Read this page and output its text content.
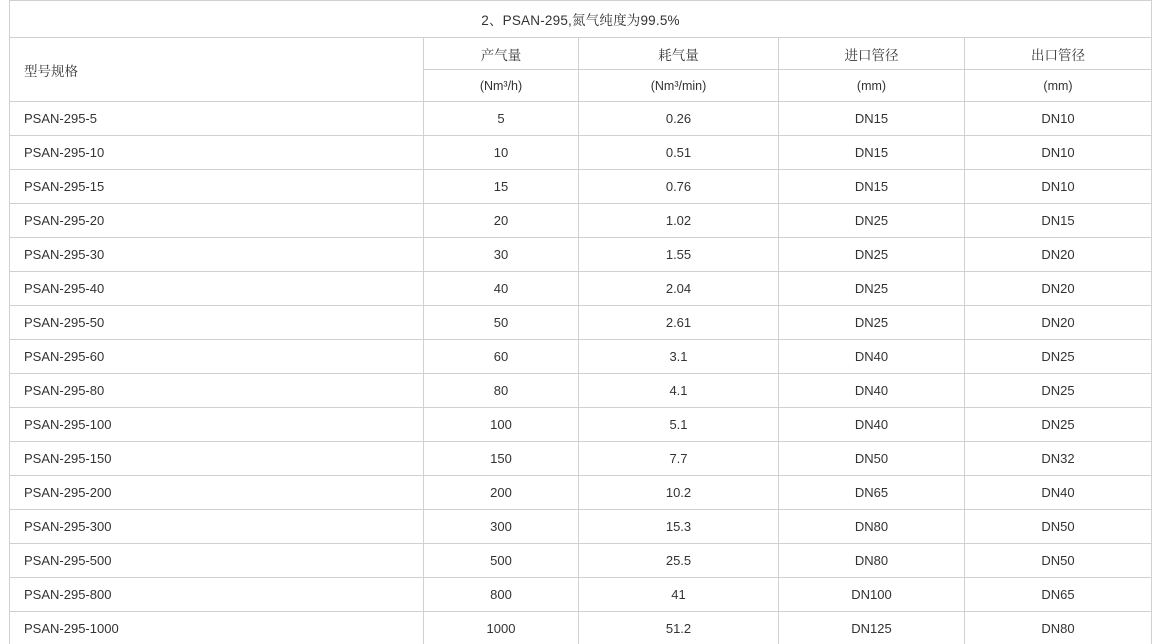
2、PSAN-295,氮气纯度为99.5%				
型号规格	产气量	耗气量	进口管径	出口管径
	(Nm³/h)	(Nm³/min)	(mm)	(mm)
PSAN-295-5	5	0.26	DN15	DN10
PSAN-295-10	10	0.51	DN15	DN10
PSAN-295-15	15	0.76	DN15	DN10
PSAN-295-20	20	1.02	DN25	DN15
PSAN-295-30	30	1.55	DN25	DN20
PSAN-295-40	40	2.04	DN25	DN20
PSAN-295-50	50	2.61	DN25	DN20
PSAN-295-60	60	3.1	DN40	DN25
PSAN-295-80	80	4.1	DN40	DN25
PSAN-295-100	100	5.1	DN40	DN25
PSAN-295-150	150	7.7	DN50	DN32
PSAN-295-200	200	10.2	DN65	DN40
PSAN-295-300	300	15.3	DN80	DN50
PSAN-295-500	500	25.5	DN80	DN50
PSAN-295-800	800	41	DN100	DN65
PSAN-295-1000	1000	51.2	DN125	DN80
